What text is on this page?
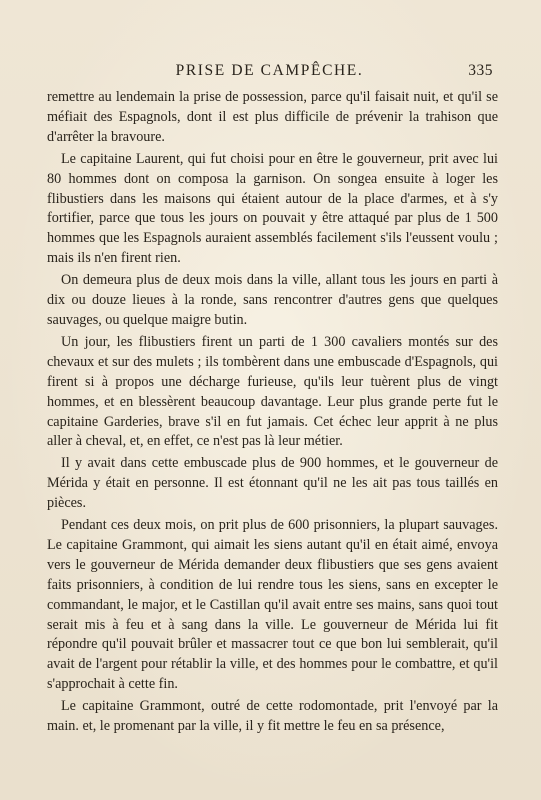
PRISE DE CAMPÊCHE.	335

remettre au lendemain la prise de possession, parce qu'il faisait nuit, et qu'il se méfiait des Espagnols, dont il est plus difficile de prévenir la trahison que d'arrêter la bravoure.

Le capitaine Laurent, qui fut choisi pour en être le gouverneur, prit avec lui 80 hommes dont on composa la garnison. On songea ensuite à loger les flibustiers dans les maisons qui étaient autour de la place d'armes, et à s'y fortifier, parce que tous les jours on pouvait y être attaqué par plus de 1 500 hommes que les Espagnols auraient assemblés facilement s'ils l'eussent voulu ; mais ils n'en firent rien.

On demeura plus de deux mois dans la ville, allant tous les jours en parti à dix ou douze lieues à la ronde, sans rencontrer d'autres gens que quelques sauvages, ou quelque maigre butin.

Un jour, les flibustiers firent un parti de 1 300 cavaliers montés sur des chevaux et sur des mulets ; ils tombèrent dans une embuscade d'Espagnols, qui firent si à propos une décharge furieuse, qu'ils leur tuèrent plus de vingt hommes, et en blessèrent beaucoup davantage. Leur plus grande perte fut le capitaine Garderies, brave s'il en fut jamais. Cet échec leur apprit à ne plus aller à cheval, et, en effet, ce n'est pas là leur métier.

Il y avait dans cette embuscade plus de 900 hommes, et le gouverneur de Mérida y était en personne. Il est étonnant qu'il ne les ait pas tous taillés en pièces.

Pendant ces deux mois, on prit plus de 600 prisonniers, la plupart sauvages. Le capitaine Grammont, qui aimait les siens autant qu'il en était aimé, envoya vers le gouverneur de Mérida demander deux flibustiers que ses gens avaient faits prisonniers, à condition de lui rendre tous les siens, sans en excepter le commandant, le major, et le Castillan qu'il avait entre ses mains, sans quoi tout serait mis à feu et à sang dans la ville. Le gouverneur de Mérida lui fit répondre qu'il pouvait brûler et massacrer tout ce que bon lui semblerait, qu'il avait de l'argent pour rétablir la ville, et des hommes pour le combattre, et qu'il s'approchait à cette fin.

Le capitaine Grammont, outré de cette rodomontade, prit l'envoyé par la main. et, le promenant par la ville, il y fit mettre le feu en sa présence,
